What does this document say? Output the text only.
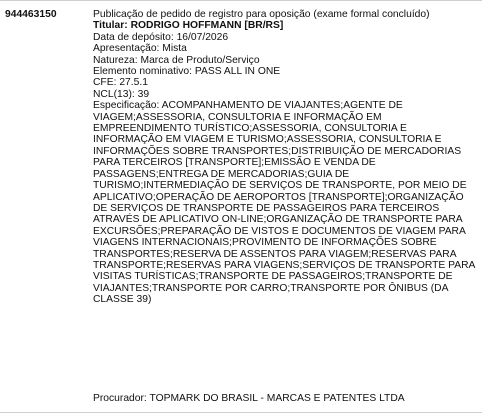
944463150	Publicação de pedido de registro para oposição (exame formal concluído)
Titular: RODRIGO HOFFMANN [BR/RS]
Data de depósito: 16/07/2026
Apresentação: Mista
Natureza: Marca de Produto/Serviço
Elemento nominativo: PASS ALL IN ONE
CFE: 27.5.1
NCL(13): 39
Especificação: ACOMPANHAMENTO DE VIAJANTES;AGENTE DE VIAGEM;ASSESSORIA, CONSULTORIA E INFORMAÇÃO EM EMPREENDIMENTO TURÍSTICO;ASSESSORIA, CONSULTORIA E INFORMAÇÃO EM VIAGEM E TURISMO;ASSESSORIA, CONSULTORIA E INFORMAÇÕES SOBRE TRANSPORTES;DISTRIBUIÇÃO DE MERCADORIAS PARA TERCEIROS [TRANSPORTE];EMISSÃO E VENDA DE PASSAGENS;ENTREGA DE MERCADORIAS;GUIA DE TURISMO;INTERMEDIAÇÃO DE SERVIÇOS DE TRANSPORTE, POR MEIO DE APLICATIVO;OPERAÇÃO DE AEROPORTOS [TRANSPORTE];ORGANIZAÇÃO DE SERVIÇOS DE TRANSPORTE DE PASSAGEIROS PARA TERCEIROS ATRAVÉS DE APLICATIVO ON-LINE;ORGANIZAÇÃO DE TRANSPORTE PARA EXCURSÕES;PREPARAÇÃO DE VISTOS E DOCUMENTOS DE VIAGEM PARA VIAGENS INTERNACIONAIS;PROVIMENTO DE INFORMAÇÕES SOBRE TRANSPORTES;RESERVA DE ASSENTOS PARA VIAGEM;RESERVAS PARA TRANSPORTE;RESERVAS PARA VIAGENS;SERVIÇOS DE TRANSPORTE PARA VISITAS TURÍSTICAS;TRANSPORTE DE PASSAGEIROS;TRANSPORTE DE VIAJANTES;TRANSPORTE POR CARRO;TRANSPORTE POR ÔNIBUS (DA CLASSE 39)
Procurador: TOPMARK DO BRASIL - MARCAS E PATENTES LTDA
